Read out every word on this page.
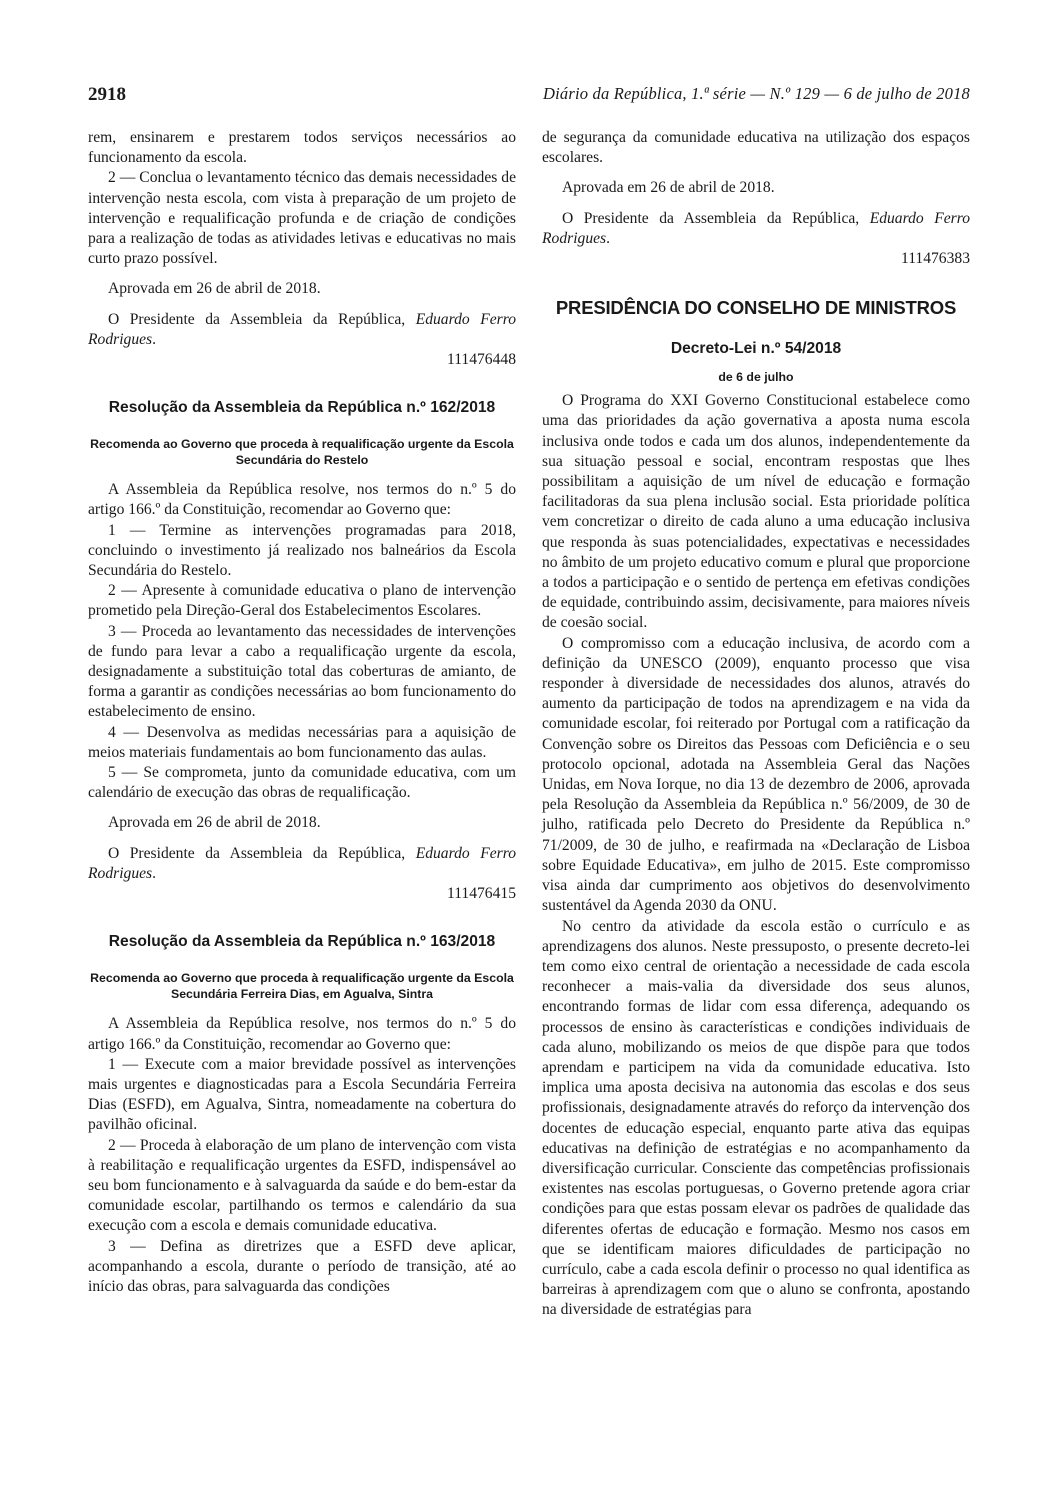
2918	Diário da República, 1.ª série — N.º 129 — 6 de julho de 2018

rem, ensinarem e prestarem todos serviços necessários ao funcionamento da escola.

2 — Conclua o levantamento técnico das demais necessidades de intervenção nesta escola, com vista à preparação de um projeto de intervenção e requalificação profunda e de criação de condições para a realização de todas as atividades letivas e educativas no mais curto prazo possível.

Aprovada em 26 de abril de 2018.

O Presidente da Assembleia da República, Eduardo Ferro Rodrigues.

111476448

Resolução da Assembleia da República n.º 162/2018

Recomenda ao Governo que proceda à requalificação urgente da Escola Secundária do Restelo

A Assembleia da República resolve, nos termos do n.º 5 do artigo 166.º da Constituição, recomendar ao Governo que:

1 — Termine as intervenções programadas para 2018, concluindo o investimento já realizado nos balneários da Escola Secundária do Restelo.

2 — Apresente à comunidade educativa o plano de intervenção prometido pela Direção-Geral dos Estabelecimentos Escolares.

3 — Proceda ao levantamento das necessidades de intervenções de fundo para levar a cabo a requalificação urgente da escola, designadamente a substituição total das coberturas de amianto, de forma a garantir as condições necessárias ao bom funcionamento do estabelecimento de ensino.

4 — Desenvolva as medidas necessárias para a aquisição de meios materiais fundamentais ao bom funcionamento das aulas.

5 — Se comprometa, junto da comunidade educativa, com um calendário de execução das obras de requalificação.

Aprovada em 26 de abril de 2018.

O Presidente da Assembleia da República, Eduardo Ferro Rodrigues.

111476415

Resolução da Assembleia da República n.º 163/2018

Recomenda ao Governo que proceda à requalificação urgente da Escola Secundária Ferreira Dias, em Agualva, Sintra

A Assembleia da República resolve, nos termos do n.º 5 do artigo 166.º da Constituição, recomendar ao Governo que:

1 — Execute com a maior brevidade possível as intervenções mais urgentes e diagnosticadas para a Escola Secundária Ferreira Dias (ESFD), em Agualva, Sintra, nomeadamente na cobertura do pavilhão oficinal.

2 — Proceda à elaboração de um plano de intervenção com vista à reabilitação e requalificação urgentes da ESFD, indispensável ao seu bom funcionamento e à salvaguarda da saúde e do bem-estar da comunidade escolar, partilhando os termos e calendário da sua execução com a escola e demais comunidade educativa.

3 — Defina as diretrizes que a ESFD deve aplicar, acompanhando a escola, durante o período de transição, até ao início das obras, para salvaguarda das condições

de segurança da comunidade educativa na utilização dos espaços escolares.

Aprovada em 26 de abril de 2018.

O Presidente da Assembleia da República, Eduardo Ferro Rodrigues.

111476383

PRESIDÊNCIA DO CONSELHO DE MINISTROS
Decreto-Lei n.º 54/2018

de 6 de julho

O Programa do XXI Governo Constitucional estabelece como uma das prioridades da ação governativa a aposta numa escola inclusiva onde todos e cada um dos alunos, independentemente da sua situação pessoal e social, encontram respostas que lhes possibilitam a aquisição de um nível de educação e formação facilitadoras da sua plena inclusão social. Esta prioridade política vem concretizar o direito de cada aluno a uma educação inclusiva que responda às suas potencialidades, expectativas e necessidades no âmbito de um projeto educativo comum e plural que proporcione a todos a participação e o sentido de pertença em efetivas condições de equidade, contribuindo assim, decisivamente, para maiores níveis de coesão social.

O compromisso com a educação inclusiva, de acordo com a definição da UNESCO (2009), enquanto processo que visa responder à diversidade de necessidades dos alunos, através do aumento da participação de todos na aprendizagem e na vida da comunidade escolar, foi reiterado por Portugal com a ratificação da Convenção sobre os Direitos das Pessoas com Deficiência e o seu protocolo opcional, adotada na Assembleia Geral das Nações Unidas, em Nova Iorque, no dia 13 de dezembro de 2006, aprovada pela Resolução da Assembleia da República n.º 56/2009, de 30 de julho, ratificada pelo Decreto do Presidente da República n.º 71/2009, de 30 de julho, e reafirmada na «Declaração de Lisboa sobre Equidade Educativa», em julho de 2015. Este compromisso visa ainda dar cumprimento aos objetivos do desenvolvimento sustentável da Agenda 2030 da ONU.

No centro da atividade da escola estão o currículo e as aprendizagens dos alunos. Neste pressuposto, o presente decreto-lei tem como eixo central de orientação a necessidade de cada escola reconhecer a mais-valia da diversidade dos seus alunos, encontrando formas de lidar com essa diferença, adequando os processos de ensino às características e condições individuais de cada aluno, mobilizando os meios de que dispõe para que todos aprendam e participem na vida da comunidade educativa. Isto implica uma aposta decisiva na autonomia das escolas e dos seus profissionais, designadamente através do reforço da intervenção dos docentes de educação especial, enquanto parte ativa das equipas educativas na definição de estratégias e no acompanhamento da diversificação curricular. Consciente das competências profissionais existentes nas escolas portuguesas, o Governo pretende agora criar condições para que estas possam elevar os padrões de qualidade das diferentes ofertas de educação e formação. Mesmo nos casos em que se identificam maiores dificuldades de participação no currículo, cabe a cada escola definir o processo no qual identifica as barreiras à aprendizagem com que o aluno se confronta, apostando na diversidade de estratégias para
